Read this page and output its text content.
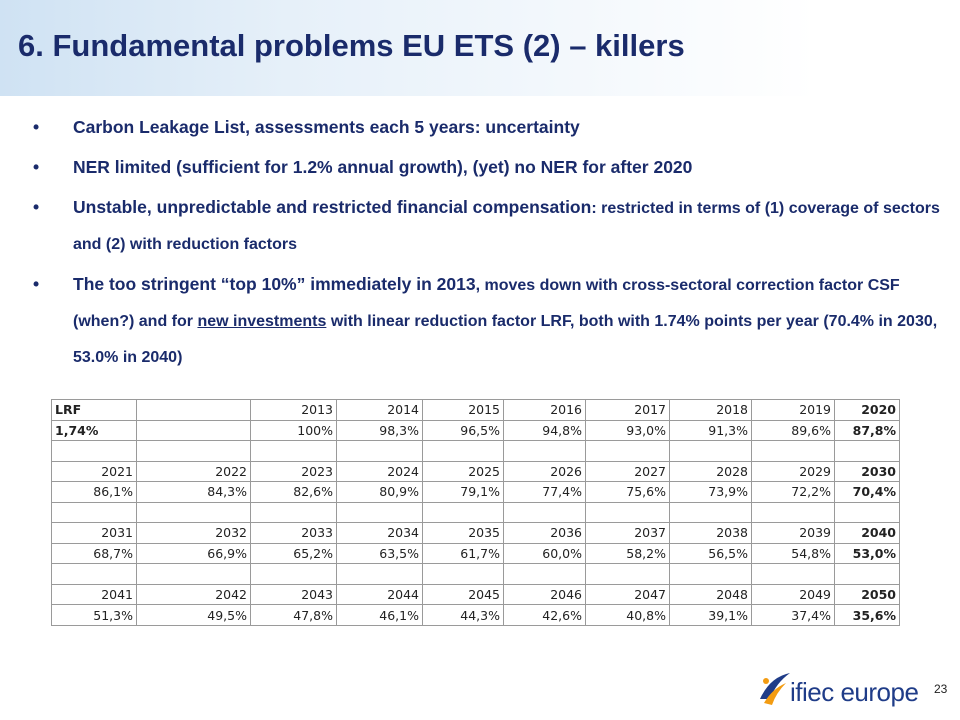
6. Fundamental problems EU ETS (2) – killers
• Carbon Leakage List, assessments each 5 years: uncertainty
• NER limited (sufficient for 1.2% annual growth), (yet) no NER for after 2020
• Unstable, unpredictable and restricted financial compensation: restricted in terms of (1) coverage of sectors and (2) with reduction factors
• The too stringent “top 10%” immediately in 2013, moves down with cross-sectoral correction factor CSF (when?) and for new investments with linear reduction factor LRF, both with 1.74% points per year (70.4% in 2030, 53.0% in 2040)
LRF		2013	2014	2015	2016	2017	2018	2019	2020
1,74%		100%	98,3%	96,5%	94,8%	93,0%	91,3%	89,6%	87,8%

2021	2022	2023	2024	2025	2026	2027	2028	2029	2030
86,1%	84,3%	82,6%	80,9%	79,1%	77,4%	75,6%	73,9%	72,2%	70,4%

2031	2032	2033	2034	2035	2036	2037	2038	2039	2040
68,7%	66,9%	65,2%	63,5%	61,7%	60,0%	58,2%	56,5%	54,8%	53,0%

2041	2042	2043	2044	2045	2046	2047	2048	2049	2050
51,3%	49,5%	47,8%	46,1%	44,3%	42,6%	40,8%	39,1%	37,4%	35,6%
ifiec europe 23
